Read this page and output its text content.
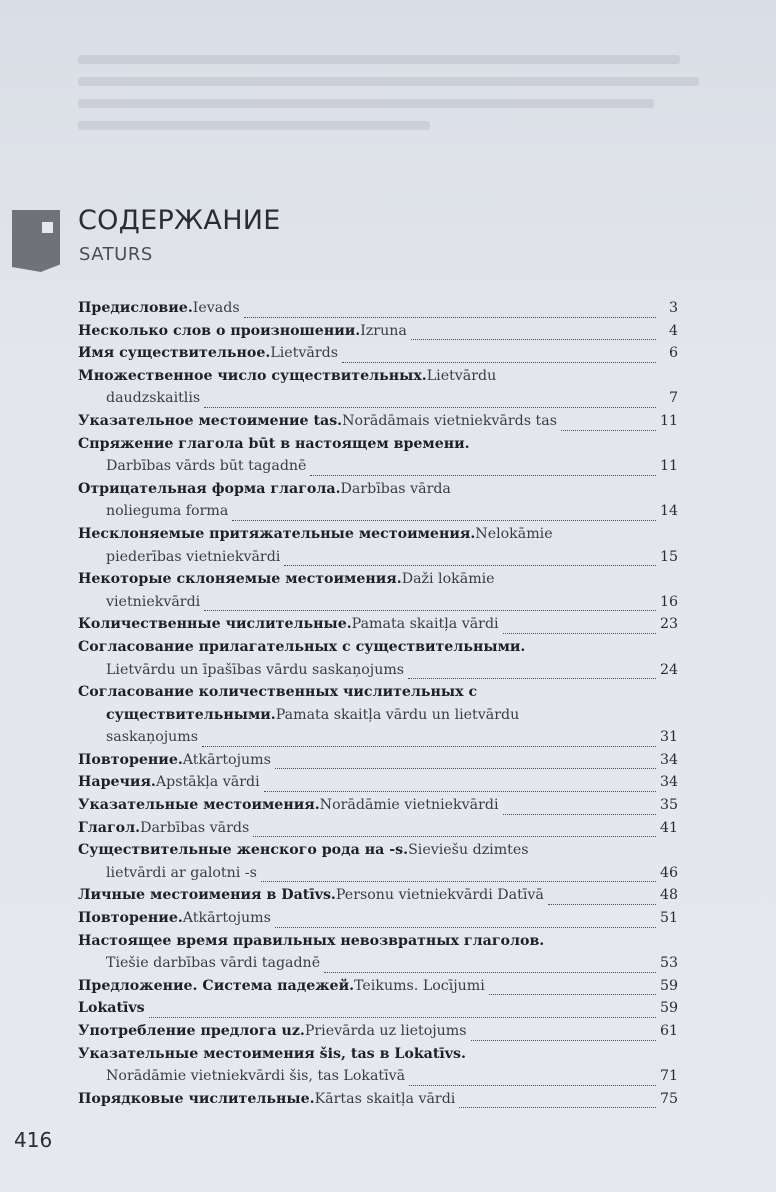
СОДЕРЖАНИЕ
SATURS
Предисловие. Ievads	3
Несколько слов о произношении. Izruna	4
Имя существительное. Lietvārds	6
Множественное число существительных. Lietvārdu
daudzskaitlis	7
Указательное местоимение tas. Norādāmais vietniekvārds tas	11
Спряжение глагола būt в настоящем времени.
Darbības vārds būt tagadnē	11
Отрицательная форма глагола. Darbības vārda
nolieguma forma	14
Несклоняемые притяжательные местоимения. Nelokāmie
piederības vietniekvārdi	15
Некоторые склоняемые местоимения. Daži lokāmie
vietniekvārdi	16
Количественные числительные. Pamata skaitļa vārdi	23
Согласование прилагательных с существительными.
Lietvārdu un īpašības vārdu saskaņojums	24
Согласование количественных числительных с
существительными. Pamata skaitļa vārdu un lietvārdu
saskaņojums	31
Повторение. Atkārtojums	34
Наречия. Apstākļa vārdi	34
Указательные местоимения. Norādāmie vietniekvārdi	35
Глагол. Darbības vārds	41
Существительные женского рода на -s. Sieviešu dzimtes
lietvārdi ar galotni -s	46
Личные местоимения в Datīvs. Personu vietniekvārdi Datīvā	48
Повторение. Atkārtojums	51
Настоящее время правильных невозвратных глаголов.
Tiešie darbības vārdi tagadnē	53
Предложение. Система падежей. Teikums. Locījumi	59
Lokatīvs	59
Употребление предлога uz. Prievārda uz lietojums	61
Указательные местоимения šis, tas в Lokatīvs.
Norādāmie vietniekvārdi šis, tas Lokatīvā	71
Порядковые числительные. Kārtas skaitļa vārdi	75
416
